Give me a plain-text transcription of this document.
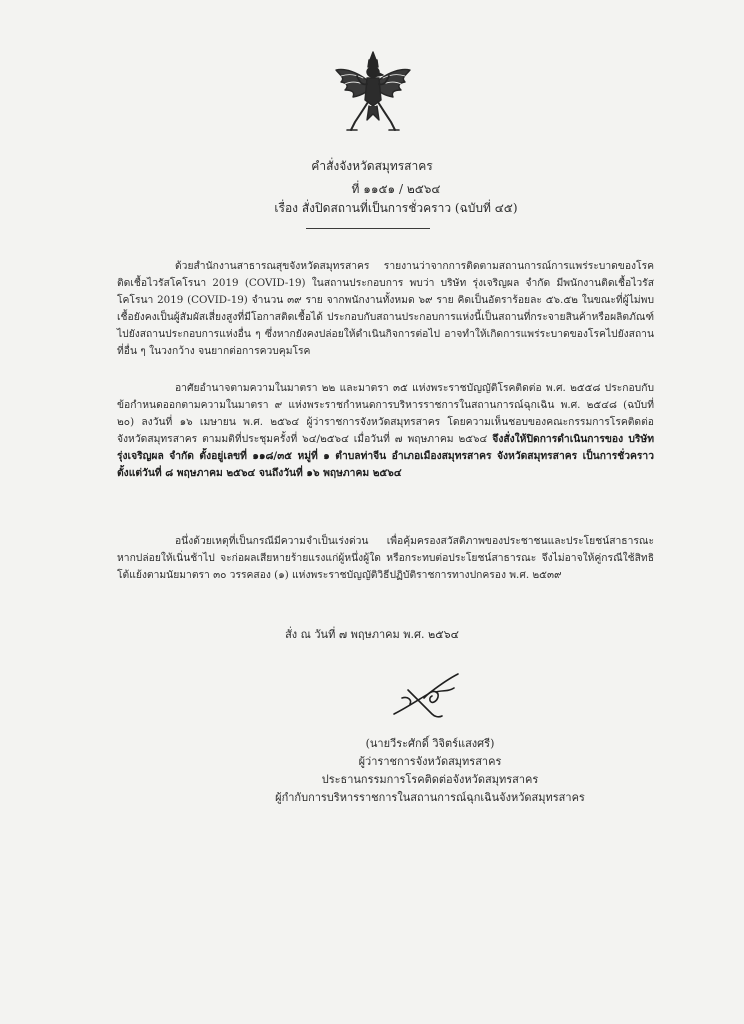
คำสั่งจังหวัดสมุทรสาคร
ที่ ๑๑๕๑ / ๒๕๖๔
เรื่อง สั่งปิดสถานที่เป็นการชั่วคราว (ฉบับที่ ๔๕)

ด้วยสำนักงานสาธารณสุขจังหวัดสมุทรสาคร รายงานว่าจากการติดตามสถานการณ์การแพร่ระบาดของโรคติดเชื้อไวรัสโคโรนา 2019 (COVID-19) ในสถานประกอบการ พบว่า บริษัท รุ่งเจริญผล จำกัด มีพนักงานติดเชื้อไวรัสโคโรนา 2019 (COVID-19) จำนวน ๓๙ ราย จากพนักงานทั้งหมด ๖๙ ราย คิดเป็นอัตราร้อยละ ๕๖.๕๒ ในขณะที่ผู้ไม่พบเชื้อยังคงเป็นผู้สัมผัสเสี่ยงสูงที่มีโอกาสติดเชื้อได้ ประกอบกับสถานประกอบการแห่งนี้เป็นสถานที่กระจายสินค้าหรือผลิตภัณฑ์ไปยังสถานประกอบการแห่งอื่น ๆ ซึ่งหากยังคงปล่อยให้ดำเนินกิจการต่อไป อาจทำให้เกิดการแพร่ระบาดของโรคไปยังสถานที่อื่น ๆ ในวงกว้าง จนยากต่อการควบคุมโรค

อาศัยอำนาจตามความในมาตรา ๒๒ และมาตรา ๓๕ แห่งพระราชบัญญัติโรคติดต่อ พ.ศ. ๒๕๕๘ ประกอบกับข้อกำหนดออกตามความในมาตรา ๙ แห่งพระราชกำหนดการบริหารราชการในสถานการณ์ฉุกเฉิน พ.ศ. ๒๕๔๘ (ฉบับที่ ๒๐) ลงวันที่ ๑๖ เมษายน พ.ศ. ๒๕๖๔ ผู้ว่าราชการจังหวัดสมุทรสาคร โดยความเห็นชอบของคณะกรรมการโรคติดต่อจังหวัดสมุทรสาคร ตามมติที่ประชุมครั้งที่ ๖๔/๒๕๖๔ เมื่อวันที่ ๗ พฤษภาคม ๒๕๖๔ จึงสั่งให้ปิดการดำเนินการของ บริษัท รุ่งเจริญผล จำกัด ตั้งอยู่เลขที่ ๑๑๘/๓๕ หมู่ที่ ๑ ตำบลท่าจีน อำเภอเมืองสมุทรสาคร จังหวัดสมุทรสาคร เป็นการชั่วคราว ตั้งแต่วันที่ ๘ พฤษภาคม ๒๕๖๔ จนถึงวันที่ ๑๖ พฤษภาคม ๒๕๖๔

อนึ่งด้วยเหตุที่เป็นกรณีมีความจำเป็นเร่งด่วน เพื่อคุ้มครองสวัสดิภาพของประชาชนและประโยชน์สาธารณะ หากปล่อยให้เนิ่นช้าไป จะก่อผลเสียหายร้ายแรงแก่ผู้หนึ่งผู้ใด หรือกระทบต่อประโยชน์สาธารณะ จึงไม่อาจให้คู่กรณีใช้สิทธิโต้แย้งตามนัยมาตรา ๓๐ วรรคสอง (๑) แห่งพระราชบัญญัติวิธีปฏิบัติราชการทางปกครอง พ.ศ. ๒๕๓๙

สั่ง ณ วันที่ ๗ พฤษภาคม พ.ศ. ๒๕๖๔
(นายวีระศักดิ์ วิจิตร์แสงศรี)
ผู้ว่าราชการจังหวัดสมุทรสาคร
ประธานกรรมการโรคติดต่อจังหวัดสมุทรสาคร
ผู้กำกับการบริหารราชการในสถานการณ์ฉุกเฉินจังหวัดสมุทรสาคร
